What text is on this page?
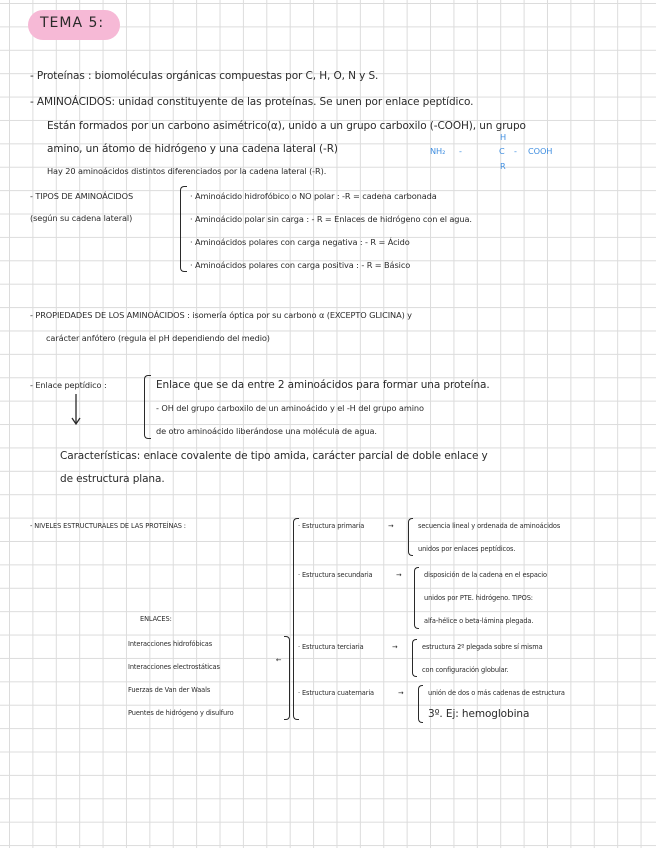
TEMA 5:
- Proteínas : biomoléculas orgánicas compuestas por C, H, O, N y S.
- AMINOÁCIDOS: unidad constituyente de las proteínas. Se unen por enlace peptídico.
Están formados por un carbono asimétrico(α), unido a un grupo carboxilo (-COOH), un grupo
amino, un átomo de hidrógeno y una cadena lateral (-R)
H
NH₂ -	C - COOH
R
Hay 20 aminoácidos distintos diferenciados por la cadena lateral (-R).
- TIPOS DE AMINOÁCIDOS
(según su cadena lateral)
· Aminoácido hidrofóbico o NO polar : -R = cadena carbonada
· Aminoácido polar sin carga : - R = Enlaces de hidrógeno con el agua.
· Aminoácidos polares con carga negativa : - R = Ácido
· Aminoácidos polares con carga positiva : - R = Básico
- PROPIEDADES DE LOS AMINOÁCIDOS : isomería óptica por su carbono α (EXCEPTO GLICINA) y
carácter anfótero (regula el pH dependiendo del medio)
- Enlace peptídico :	Enlace que se da entre 2 aminoácidos para formar una proteína.
- OH del grupo carboxilo de un aminoácido y el -H del grupo amino
de otro aminoácido liberándose una molécula de agua.
Características: enlace covalente de tipo amida, carácter parcial de doble enlace y
de estructura plana.
- NIVELES ESTRUCTURALES DE LAS PROTEÍNAS :	· Estructura primaria	→	secuencia lineal y ordenada de aminoácidos
unidos por enlaces peptídicos.
· Estructura secundaria	→	disposición de la cadena en el espacio
unidos por PTE. hidrógeno. TIPOS:
alfa-hélice o beta-lámina plegada.
· Estructura terciaria	→	estructura 2º plegada sobre sí misma
con configuración globular.
· Estructura cuaternaria	→	unión de dos o más cadenas de estructura
3º. Ej: hemoglobina
ENLACES:
Interacciones hidrofóbicas
Interacciones electrostáticas
Fuerzas de Van der Waals
Puentes de hidrógeno y disulfuro
←
